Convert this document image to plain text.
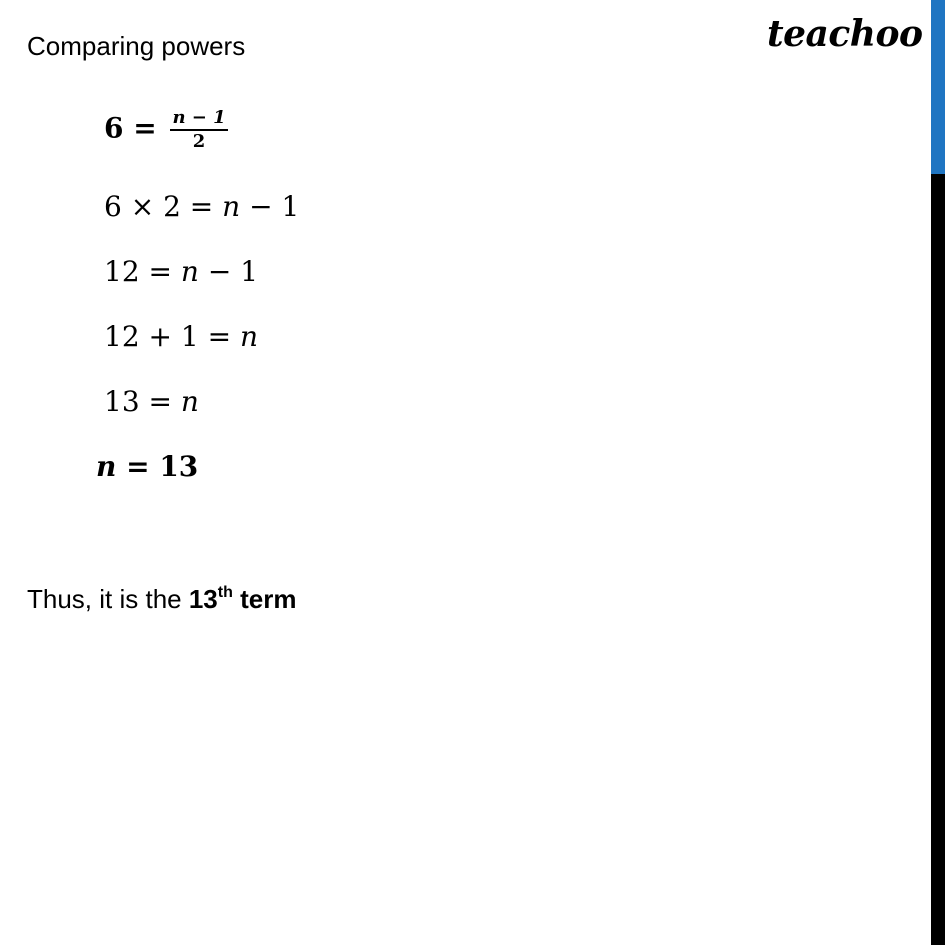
Comparing powers	teachoo
$6 = \frac{n - 1}{2}$
6 × 2 = n − 1
12 = n − 1
12 + 1 = n
13 = n
n = 13
Thus, it is the 13th term
